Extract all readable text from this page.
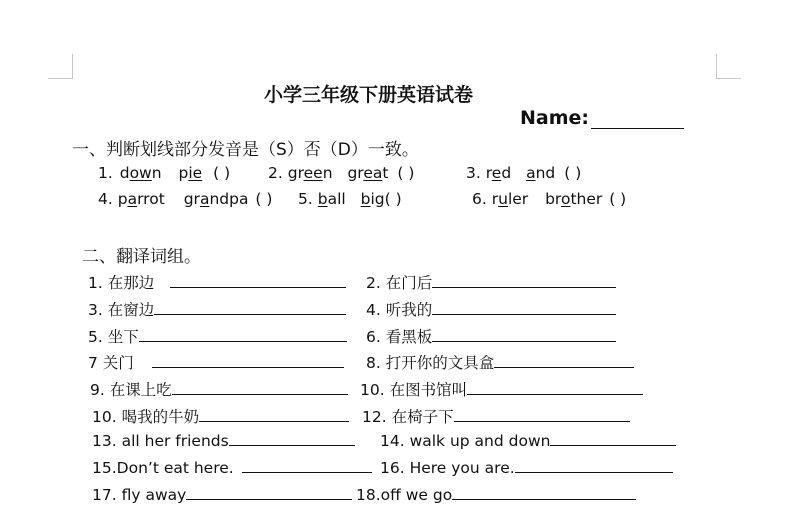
小学三年级下册英语试卷
Name:
一、判断划线部分发音是（S）否（D）一致。
1. down pie ( ) 2. green great ( )	3. red and ( )
4. parrot grandpa ( ) 5. ball big( )	6. ruler brother ( )
二、翻译词组。
1. 在那边	2. 在门后
3. 在窗边	4. 听我的
5. 坐下	6. 看黑板
7 关门	8. 打开你的文具盒
9. 在课上吃	10. 在图书馆叫
10. 喝我的牛奶	12. 在椅子下
13. all her friends	14. walk up and down
15.Don’t eat here.	16. Here you are.
17. fly away	18.off we go
